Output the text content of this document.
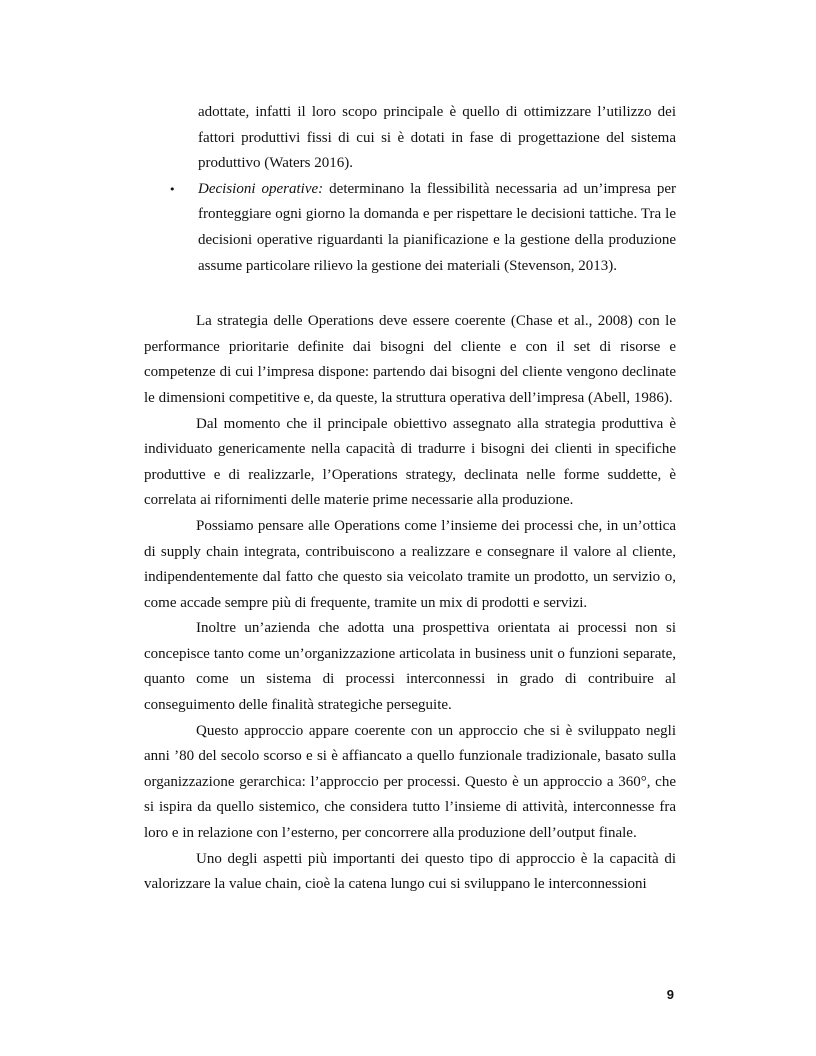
adottate, infatti il loro scopo principale è quello di ottimizzare l’utilizzo dei fattori produttivi fissi di cui si è dotati in fase di progettazione del sistema produttivo (Waters 2016).
• Decisioni operative: determinano la flessibilità necessaria ad un’impresa per fronteggiare ogni giorno la domanda e per rispettare le decisioni tattiche. Tra le decisioni operative riguardanti la pianificazione e la gestione della produzione assume particolare rilievo la gestione dei materiali (Stevenson, 2013).

La strategia delle Operations deve essere coerente (Chase et al., 2008) con le performance prioritarie definite dai bisogni del cliente e con il set di risorse e competenze di cui l’impresa dispone: partendo dai bisogni del cliente vengono declinate le dimensioni competitive e, da queste, la struttura operativa dell’impresa (Abell, 1986).

Dal momento che il principale obiettivo assegnato alla strategia produttiva è individuato genericamente nella capacità di tradurre i bisogni dei clienti in specifiche produttive e di realizzarle, l’Operations strategy, declinata nelle forme suddette, è correlata ai rifornimenti delle materie prime necessarie alla produzione.

Possiamo pensare alle Operations come l’insieme dei processi che, in un’ottica di supply chain integrata, contribuiscono a realizzare e consegnare il valore al cliente, indipendentemente dal fatto che questo sia veicolato tramite un prodotto, un servizio o, come accade sempre più di frequente, tramite un mix di prodotti e servizi.

Inoltre un’azienda che adotta una prospettiva orientata ai processi non si concepisce tanto come un’organizzazione articolata in business unit o funzioni separate, quanto come un sistema di processi interconnessi in grado di contribuire al conseguimento delle finalità strategiche perseguite.

Questo approccio appare coerente con un approccio che si è sviluppato negli anni ’80 del secolo scorso e si è affiancato a quello funzionale tradizionale, basato sulla organizzazione gerarchica: l’approccio per processi. Questo è un approccio a 360°, che si ispira da quello sistemico, che considera tutto l’insieme di attività, interconnesse fra loro e in relazione con l’esterno, per concorrere alla produzione dell’output finale.

Uno degli aspetti più importanti dei questo tipo di approccio è la capacità di valorizzare la value chain, cioè la catena lungo cui si sviluppano le interconnessioni

9
